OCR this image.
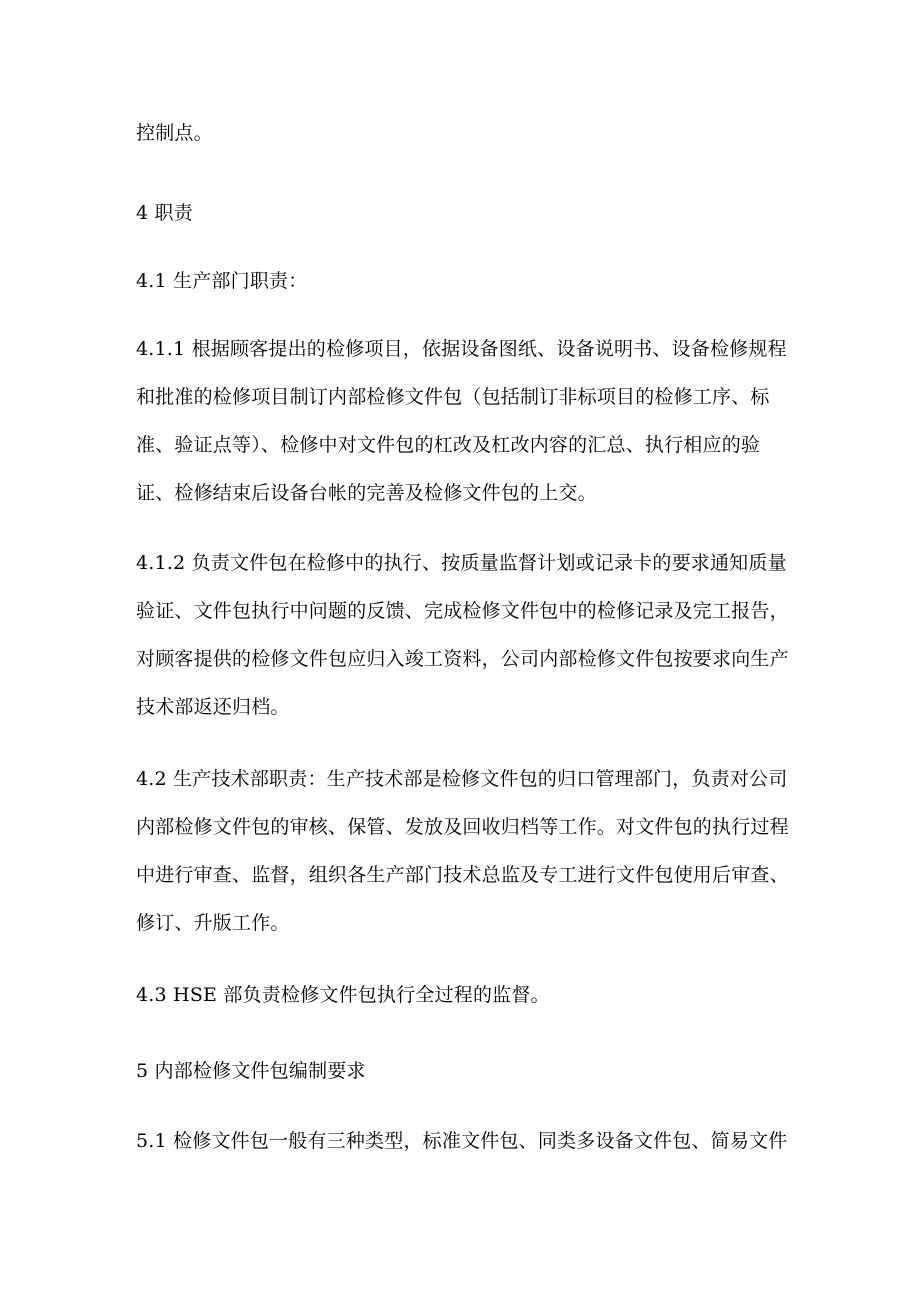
控制点。
4 职责
4.1 生产部门职责：
4.1.1 根据顾客提出的检修项目，依据设备图纸、设备说明书、设备检修规程
和批准的检修项目制订内部检修文件包（包括制订非标项目的检修工序、标
准、验证点等）、检修中对文件包的杠改及杠改内容的汇总、执行相应的验
证、检修结束后设备台帐的完善及检修文件包的上交。
4.1.2 负责文件包在检修中的执行、按质量监督计划或记录卡的要求通知质量
验证、文件包执行中问题的反馈、完成检修文件包中的检修记录及完工报告，
对顾客提供的检修文件包应归入竣工资料，公司内部检修文件包按要求向生产
技术部返还归档。
4.2 生产技术部职责：生产技术部是检修文件包的归口管理部门，负责对公司
内部检修文件包的审核、保管、发放及回收归档等工作。对文件包的执行过程
中进行审查、监督，组织各生产部门技术总监及专工进行文件包使用后审查、
修订、升版工作。
4.3 HSE 部负责检修文件包执行全过程的监督。
5 内部检修文件包编制要求
5.1 检修文件包一般有三种类型，标准文件包、同类多设备文件包、简易文件
